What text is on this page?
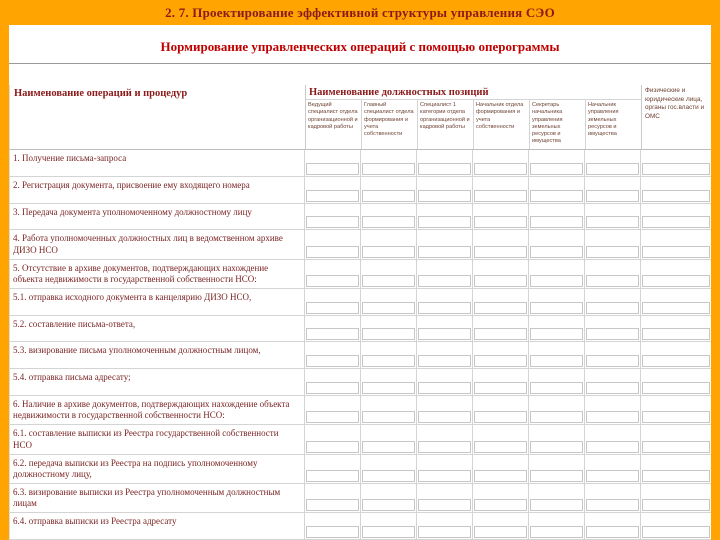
2. 7. Проектирование эффективной структуры управления СЭО
Нормирование управленческих операций с помощью оперограммы
Наименование операций и процедур	Наименование должностных позиций
Ведущий специалист отдела организационной и кадровой работы
Главный специалист отдела формирования и учета собственности
Специалист 1 категории отдела организационной и кадровой работы
Начальник отдела формирования и учета собственности
Секретарь начальника управления земельных ресурсов и имущества
Начальник управления земельных ресурсов и имущества
Физические и юридические лица, органы гос.власти и ОМС
1. Получение письма-запроса
2. Регистрация документа, присвоение ему входящего номера
3. Передача документа уполномоченному должностному лицу
4. Работа уполномоченных должностных лиц в ведомственном архиве ДИЗО НСО
5. Отсутствие в архиве документов, подтверждающих нахождение объекта недвижимости в государственной собственности НСО:
5.1. отправка исходного документа в канцелярию ДИЗО НСО,
5.2. составление письма-ответа,
5.3. визирование письма уполномоченным должностным лицом,
5.4. отправка письма адресату;
6. Наличие в архиве документов, подтверждающих нахождение объекта недвижимости в государственной собственности НСО:
6.1. составление выписки из Реестра государственной собственности НСО
6.2. передача выписки из Реестра на подпись уполномоченному должностному лицу,
6.3. визирование выписки из Реестра уполномоченным должностным лицам
6.4. отправка выписки из Реестра адресату
